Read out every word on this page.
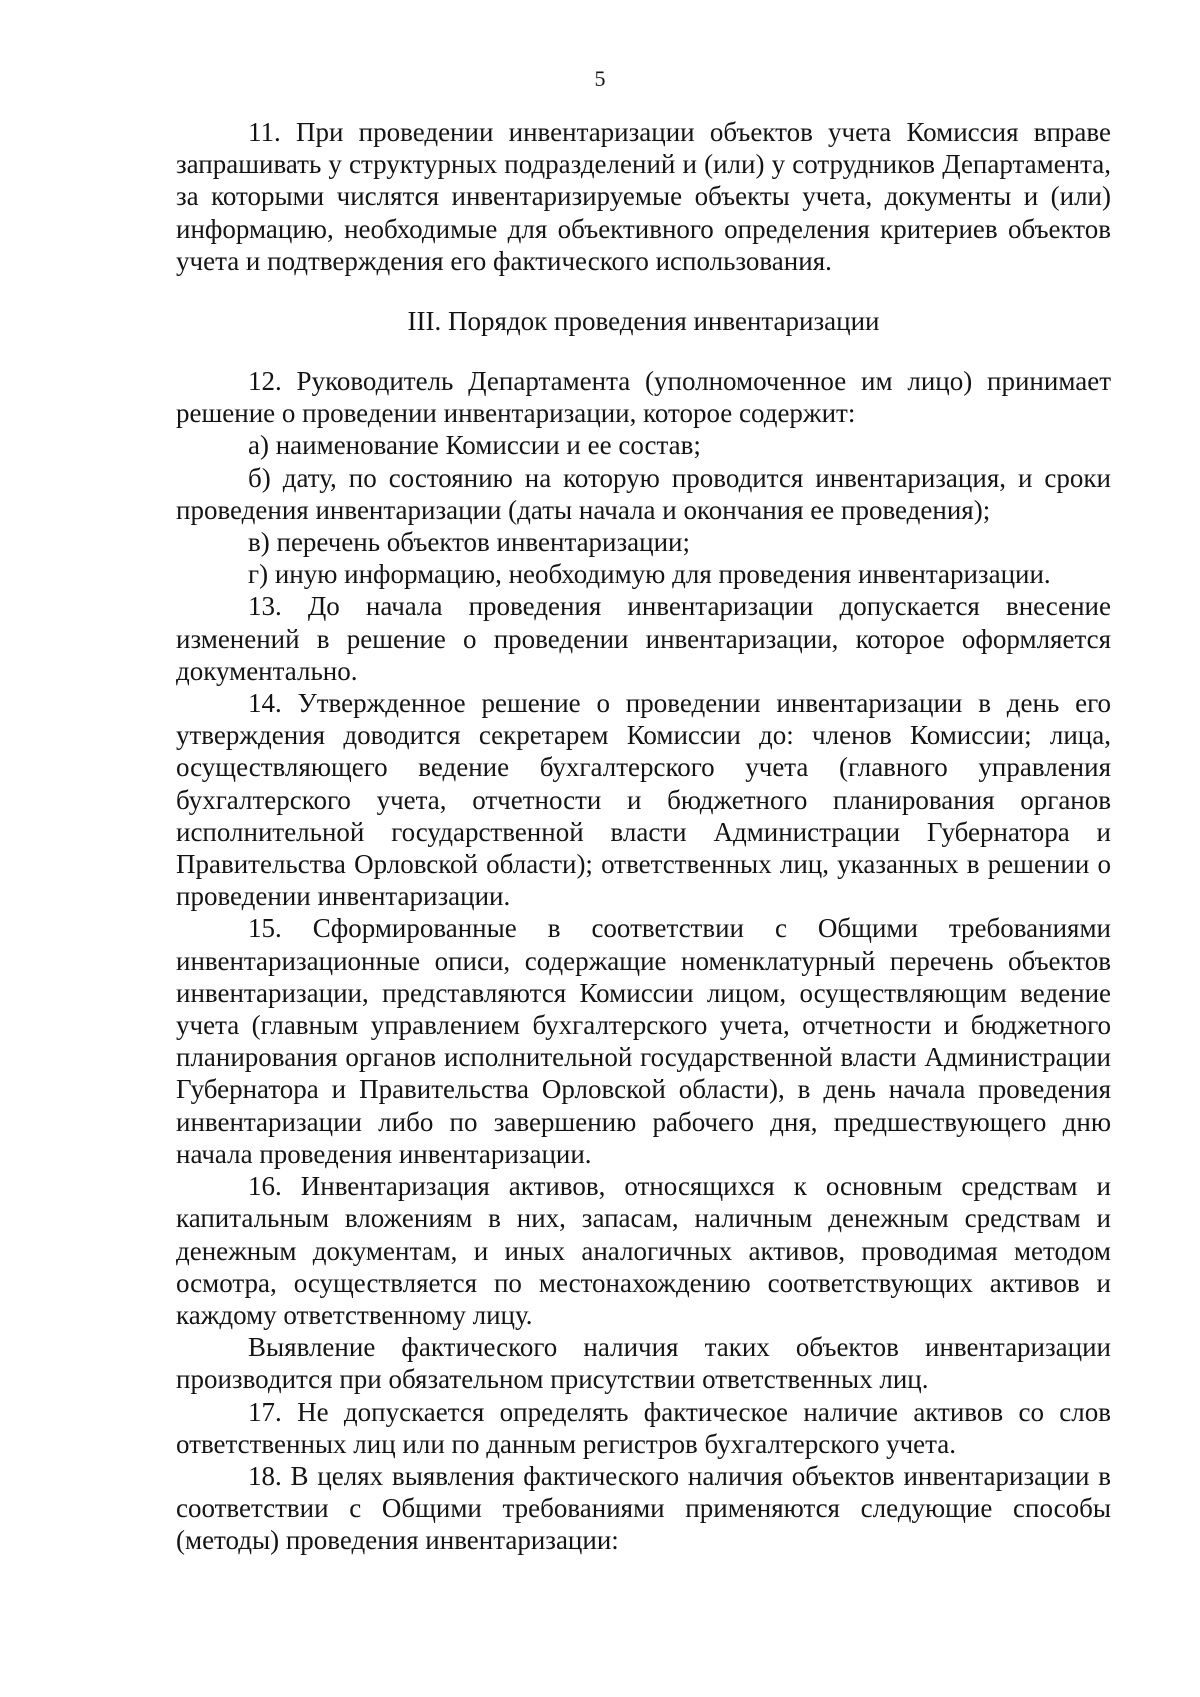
5

11. При проведении инвентаризации объектов учета Комиссия вправе запрашивать у структурных подразделений и (или) у сотрудников Департамента, за которыми числятся инвентаризируемые объекты учета, документы и (или) информацию, необходимые для объективного определения критериев объектов учета и подтверждения его фактического использования.

III. Порядок проведения инвентаризации

12. Руководитель Департамента (уполномоченное им лицо) принимает решение о проведении инвентаризации, которое содержит:

а) наименование Комиссии и ее состав;

б) дату, по состоянию на которую проводится инвентаризация, и сроки проведения инвентаризации (даты начала и окончания ее проведения);

в) перечень объектов инвентаризации;

г) иную информацию, необходимую для проведения инвентаризации.

13. До начала проведения инвентаризации допускается внесение изменений в решение о проведении инвентаризации, которое оформляется документально.

14. Утвержденное решение о проведении инвентаризации в день его утверждения доводится секретарем Комиссии до: членов Комиссии; лица, осуществляющего ведение бухгалтерского учета (главного управления бухгалтерского учета, отчетности и бюджетного планирования органов исполнительной государственной власти Администрации Губернатора и Правительства Орловской области); ответственных лиц, указанных в решении о проведении инвентаризации.

15. Сформированные в соответствии с Общими требованиями инвентаризационные описи, содержащие номенклатурный перечень объектов инвентаризации, представляются Комиссии лицом, осуществляющим ведение учета (главным управлением бухгалтерского учета, отчетности и бюджетного планирования органов исполнительной государственной власти Администрации Губернатора и Правительства Орловской области), в день начала проведения инвентаризации либо по завершению рабочего дня, предшествующего дню начала проведения инвентаризации.

16. Инвентаризация активов, относящихся к основным средствам и капитальным вложениям в них, запасам, наличным денежным средствам и денежным документам, и иных аналогичных активов, проводимая методом осмотра, осуществляется по местонахождению соответствующих активов и каждому ответственному лицу.

Выявление фактического наличия таких объектов инвентаризации производится при обязательном присутствии ответственных лиц.

17. Не допускается определять фактическое наличие активов со слов ответственных лиц или по данным регистров бухгалтерского учета.

18. В целях выявления фактического наличия объектов инвентаризации в соответствии с Общими требованиями применяются следующие способы (методы) проведения инвентаризации:
